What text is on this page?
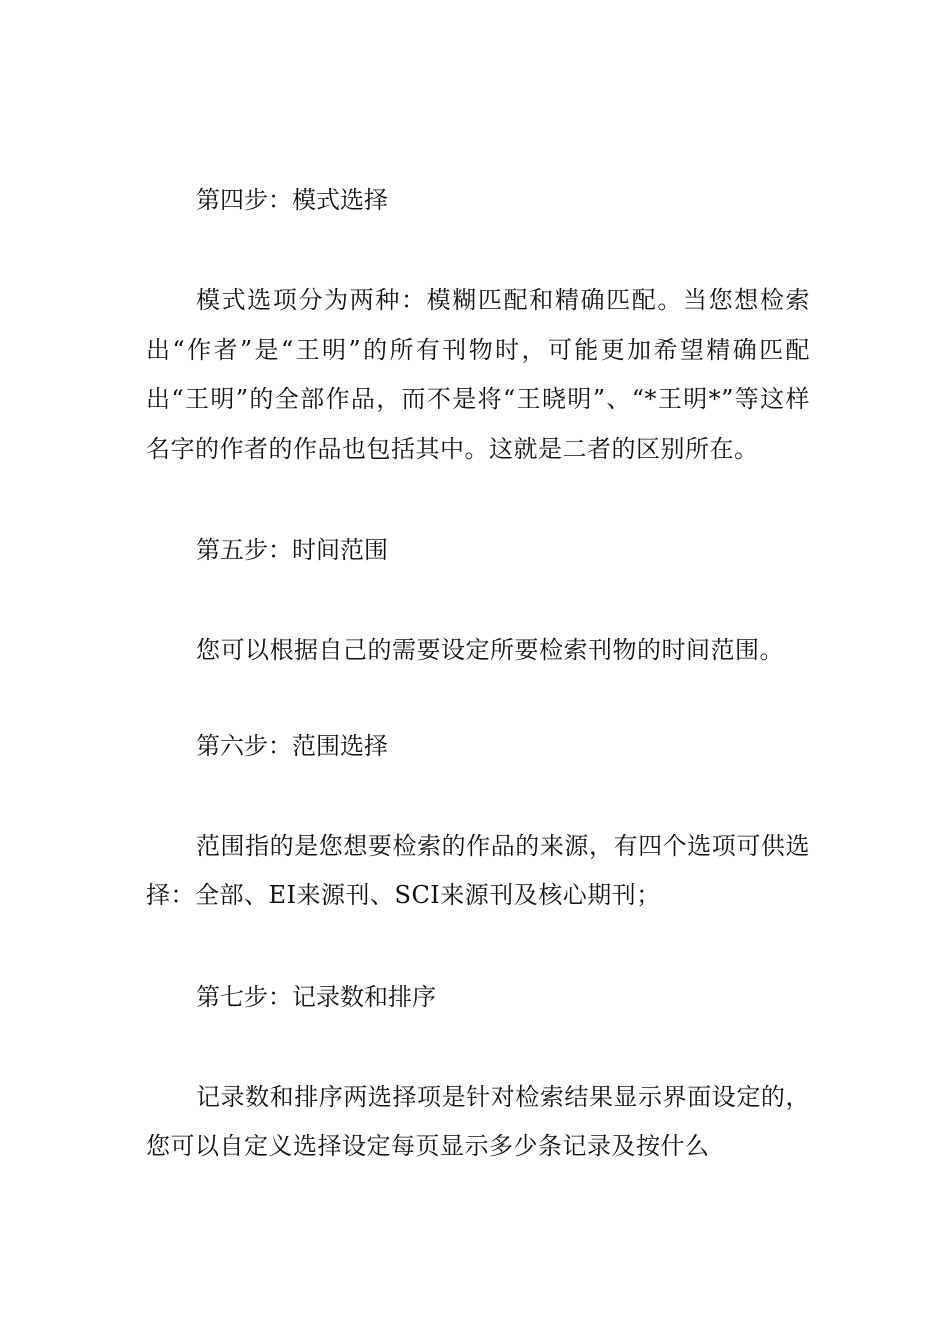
第四步：模式选择

模式选项分为两种：模糊匹配和精确匹配。当您想检索出“作者”是“王明”的所有刊物时，可能更加希望精确匹配出“王明”的全部作品，而不是将“王晓明”、“*王明*”等这样名字的作者的作品也包括其中。这就是二者的区别所在。

第五步：时间范围

您可以根据自己的需要设定所要检索刊物的时间范围。

第六步：范围选择

范围指的是您想要检索的作品的来源，有四个选项可供选择：全部、EI来源刊、SCI来源刊及核心期刊；

第七步：记录数和排序

记录数和排序两选择项是针对检索结果显示界面设定的，您可以自定义选择设定每页显示多少条记录及按什么
